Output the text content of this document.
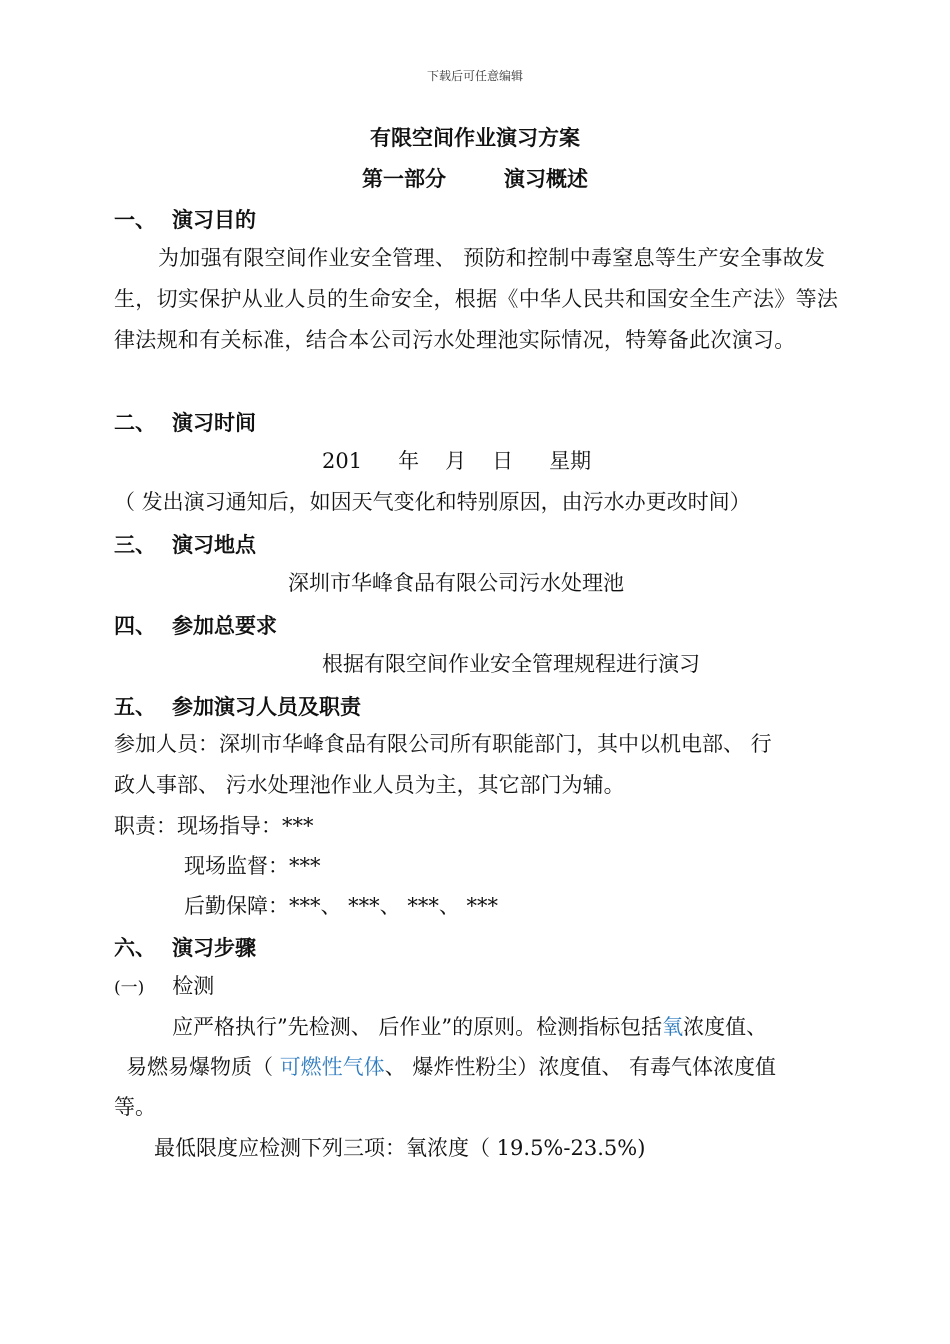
下载后可任意编辑
有限空间作业演习方案
第一部分	演习概述
一、 演习目的
为加强有限空间作业安全管理、 预防和控制中毒窒息等生产安全事故发生，切实保护从业人员的生命安全，根据《中华人民共和国安全生产法》等法律法规和有关标准，结合本公司污水处理池实际情况，特筹备此次演习。
二、 演习时间
201 年 月 日 星期
（ 发出演习通知后，如因天气变化和特别原因，由污水办更改时间）
三、 演习地点
深圳市华峰食品有限公司污水处理池
四、 参加总要求
根据有限空间作业安全管理规程进行演习
五、 参加演习人员及职责
参加人员：深圳市华峰食品有限公司所有职能部门，其中以机电部、 行
政人事部、 污水处理池作业人员为主，其它部门为辅。
职责：现场指导：***
现场监督：***
后勤保障：***、 ***、 ***、 ***
六、 演习步骤
(一) 检测
应严格执行”先检测、 后作业”的原则。检测指标包括氧浓度值、
易燃易爆物质（ 可燃性气体、 爆炸性粉尘）浓度值、 有毒气体浓度值
等。
最低限度应检测下列三项：氧浓度（ 19.5%-23.5%)
